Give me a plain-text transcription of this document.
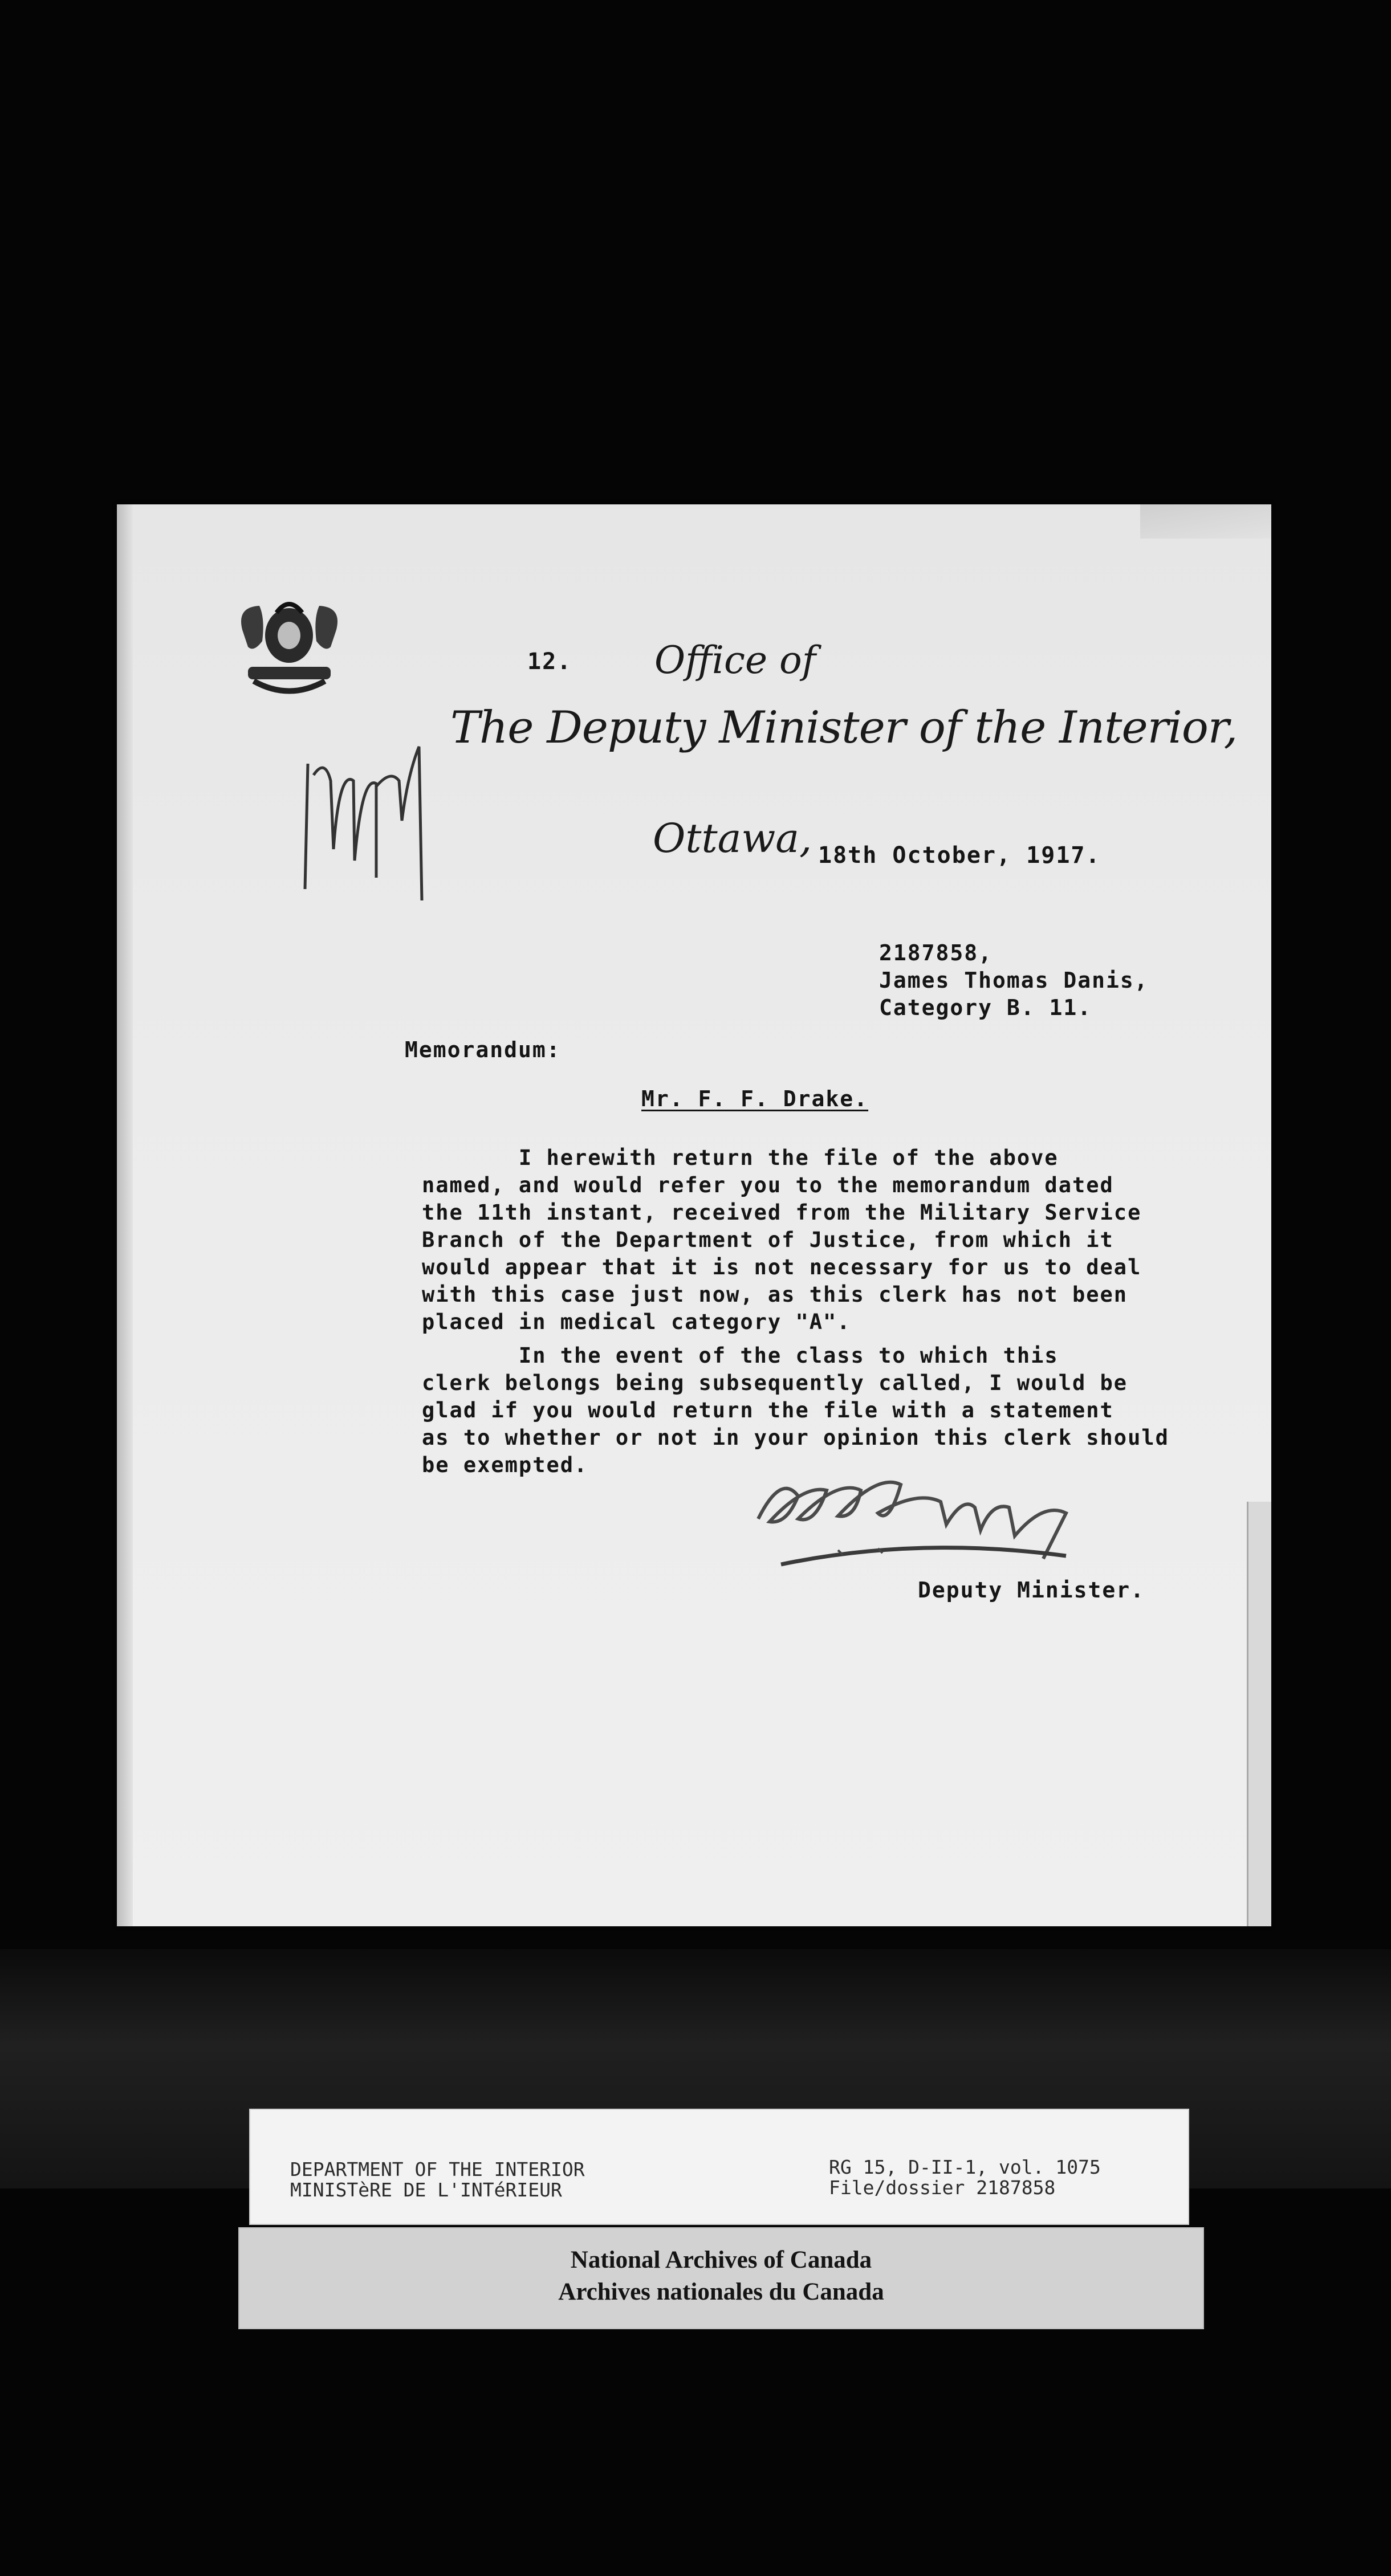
12. Office of
The Deputy Minister of the Interior,
Ottawa, 18th October, 1917.
2187858,
James Thomas Danis,
Category B. 11.
Memorandum:
Mr. F. F. Drake.
I herewith return the file of the above
named, and would refer you to the memorandum dated
the 11th instant, received from the Military Service
Branch of the Department of Justice, from which it
would appear that it is not necessary for us to deal
with this case just now, as this clerk has not been
placed in medical category "A".
In the event of the class to which this
clerk belongs being subsequently called, I would be
glad if you would return the file with a statement
as to whether or not in your opinion this clerk should
be exempted.
Deputy Minister.
DEPARTMENT OF THE INTERIOR
MINISTèRE DE L'INTéRIEUR
RG 15, D-II-1, vol. 1075
File/dossier 2187858
National Archives of Canada
Archives nationales du Canada
